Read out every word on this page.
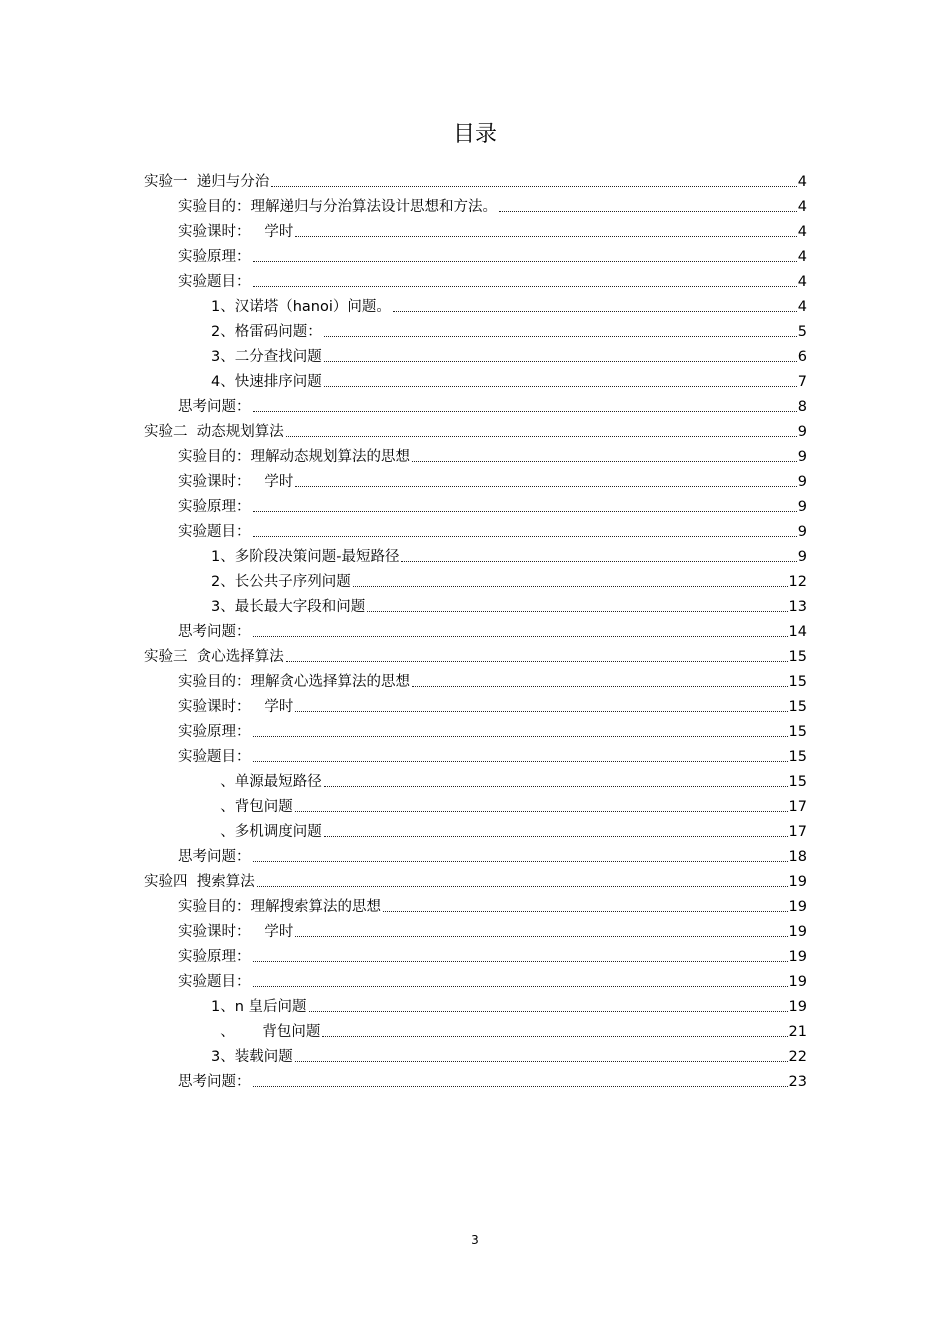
目录
实验一  递归与分治	4
实验目的：理解递归与分治算法设计思想和方法。	4
实验课时：   学时	4
实验原理：	4
实验题目：	4
1、汉诺塔（hanoi）问题。	4
2、格雷码问题：	5
3、二分查找问题	6
4、快速排序问题	7
思考问题：	8
实验二  动态规划算法	9
实验目的：理解动态规划算法的思想	9
实验课时：   学时	9
实验原理：	9
实验题目：	9
1、多阶段决策问题-最短路径	9
2、长公共子序列问题	12
3、最长最大字段和问题	13
思考问题：	14
实验三  贪心选择算法	15
实验目的：理解贪心选择算法的思想	15
实验课时：   学时	15
实验原理：	15
实验题目：	15
、单源最短路径	15
、背包问题	17
、多机调度问题	17
思考问题：	18
实验四  搜索算法	19
实验目的：理解搜索算法的思想	19
实验课时：   学时	19
实验原理：	19
实验题目：	19
1、n 皇后问题	19
、      背包问题	21
3、装载问题	22
思考问题：	23
3
